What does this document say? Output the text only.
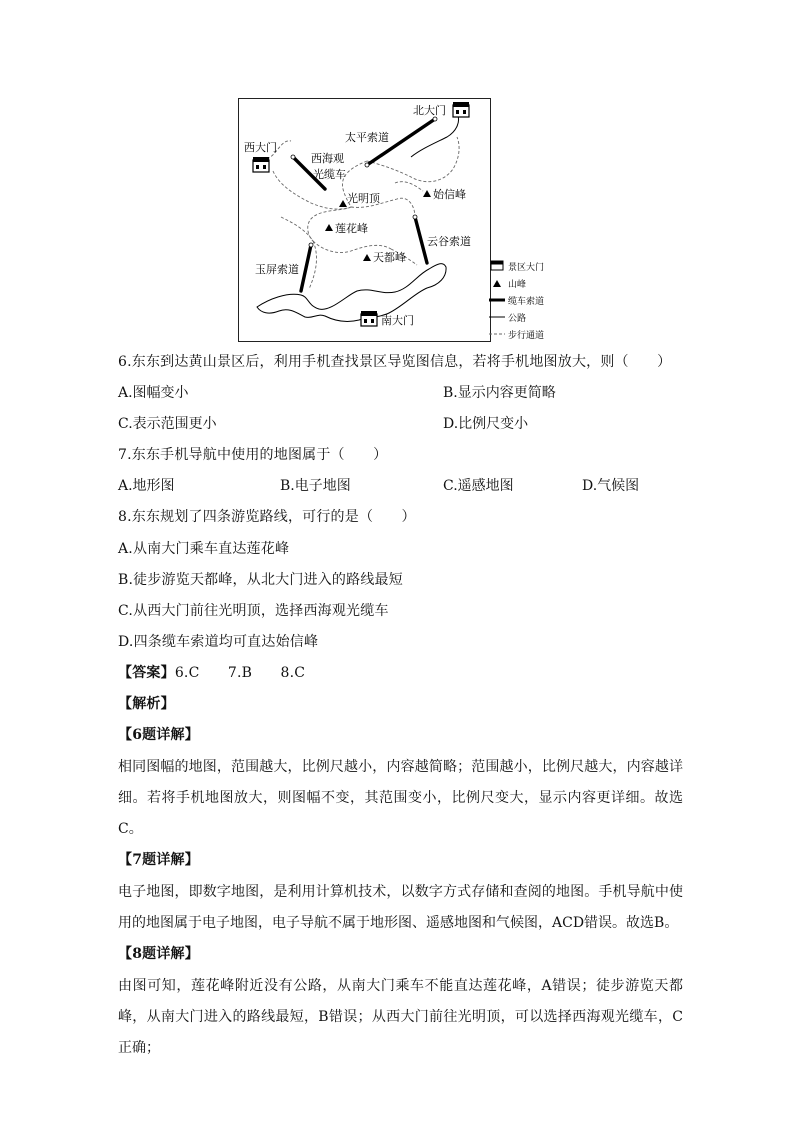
北大门
西大门
太平索道
西海观
光缆车
光明顶	始信峰
莲花峰
云谷索道
玉屏索道
天都峰
南大门
景区大门
山峰
缆车索道
公路
步行通道
6.东东到达黄山景区后，利用手机查找景区导览图信息，若将手机地图放大，则（　　）
A.图幅变小	B.显示内容更简略
C.表示范围更小	D.比例尺变小
7.东东手机导航中使用的地图属于（　　）
A.地形图	B.电子地图	C.遥感地图	D.气候图
8.东东规划了四条游览路线，可行的是（　　）
A.从南大门乘车直达莲花峰
B.徒步游览天都峰，从北大门进入的路线最短
C.从西大门前往光明顶，选择西海观光缆车
D.四条缆车索道均可直达始信峰
【答案】6.C　　7.B　　8.C
【解析】
【6题详解】
相同图幅的地图，范围越大，比例尺越小，内容越简略；范围越小，比例尺越大，内容越详细。若将手机地图放大，则图幅不变，其范围变小，比例尺变大，显示内容更详细。故选C。
【7题详解】
电子地图，即数字地图，是利用计算机技术，以数字方式存储和查阅的地图。手机导航中使用的地图属于电子地图，电子导航不属于地形图、遥感地图和气候图，ACD错误。故选B。
【8题详解】
由图可知，莲花峰附近没有公路，从南大门乘车不能直达莲花峰，A错误；徒步游览天都峰，从南大门进入的路线最短，B错误；从西大门前往光明顶，可以选择西海观光缆车，C正确；
